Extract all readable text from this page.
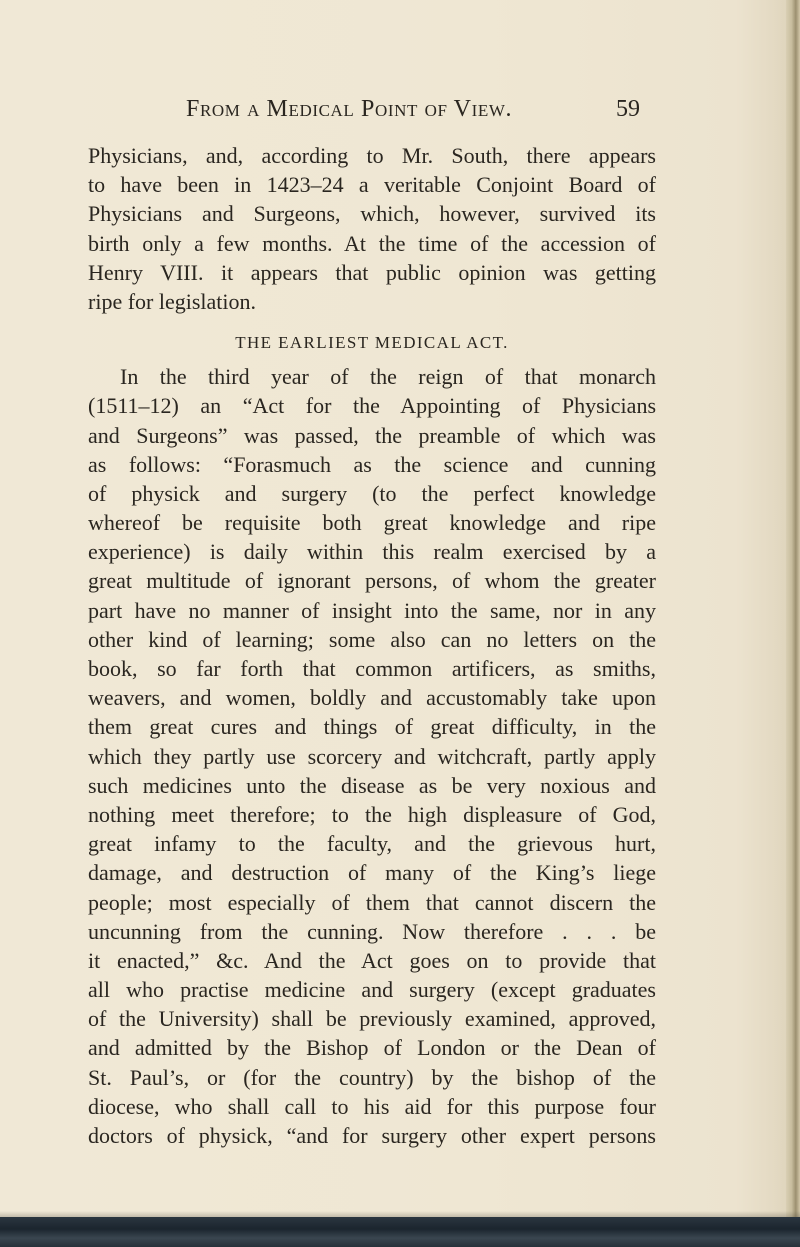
From a Medical Point of View.	59
Physicians, and, according to Mr. South, there appears
to have been in 1423–24 a veritable Conjoint Board of
Physicians and Surgeons, which, however, survived its
birth only a few months. At the time of the accession of
Henry VIII. it appears that public opinion was getting
ripe for legislation.
THE EARLIEST MEDICAL ACT.
In the third year of the reign of that monarch
(1511–12) an “Act for the Appointing of Physicians
and Surgeons” was passed, the preamble of which was
as follows: “Forasmuch as the science and cunning
of physick and surgery (to the perfect knowledge
whereof be requisite both great knowledge and ripe
experience) is daily within this realm exercised by a
great multitude of ignorant persons, of whom the greater
part have no manner of insight into the same, nor in any
other kind of learning; some also can no letters on the
book, so far forth that common artificers, as smiths,
weavers, and women, boldly and accustomably take upon
them great cures and things of great difficulty, in the
which they partly use scorcery and witchcraft, partly apply
such medicines unto the disease as be very noxious and
nothing meet therefore; to the high displeasure of God,
great infamy to the faculty, and the grievous hurt,
damage, and destruction of many of the King’s liege
people; most especially of them that cannot discern the
uncunning from the cunning. Now therefore . . . be
it enacted,” &c. And the Act goes on to provide that
all who practise medicine and surgery (except graduates
of the University) shall be previously examined, approved,
and admitted by the Bishop of London or the Dean of
St. Paul’s, or (for the country) by the bishop of the
diocese, who shall call to his aid for this purpose four
doctors of physick, “and for surgery other expert persons
